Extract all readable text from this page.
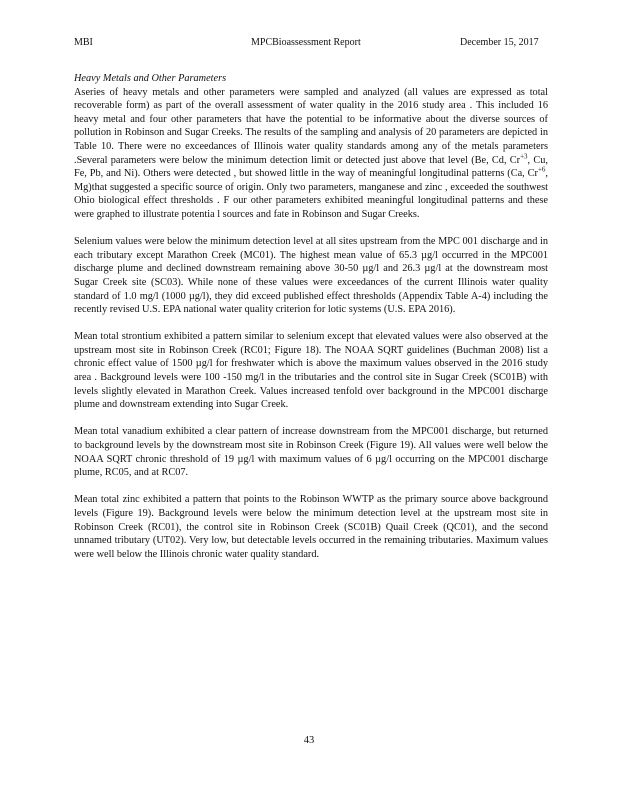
MBI	MPCBioassessment Report	December 15, 2017

Heavy Metals and Other Parameters

Aseries of heavy metals and other parameters were sampled and analyzed (all values are expressed as total recoverable form) as part of the overall assessment of water quality in the 2016 study area . This included 16 heavy metal and four other parameters that have the potential to be informative about the diverse sources of pollution in Robinson and Sugar Creeks. The results of the sampling and analysis of 20 parameters are depicted in Table 10. There were no exceedances of Illinois water quality standards among any of the metals parameters .Several parameters were below the minimum detection limit or detected just above that level (Be, Cd, $Cr^{+3}$, Cu, Fe, Pb, and Ni). Others were detected , but showed little in the way of meaningful longitudinal patterns (Ca, $Cr^{+6}$, Mg)that suggested a specific source of origin. Only two parameters, manganese and zinc , exceeded the southwest Ohio biological effect thresholds . F our other parameters exhibited meaningful longitudinal patterns and these were graphed to illustrate potentia l sources and fate in Robinson and Sugar Creeks.

Selenium values were below the minimum detection level at all sites upstream from the MPC 001 discharge and in each tributary except Marathon Creek (MC01). The highest mean value of 65.3 µg/l occurred in the MPC001 discharge plume and declined downstream remaining above 30-50 µg/l and 26.3 µg/l at the downstream most Sugar Creek site (SC03). While none of these values were exceedances of the current Illinois water quality standard of 1.0 mg/l (1000 µg/l), they did exceed published effect thresholds (Appendix Table A-4) including the recently revised U.S. EPA national water quality criterion for lotic systems (U.S. EPA 2016).

Mean total strontium exhibited a pattern similar to selenium except that elevated values were also observed at the upstream most site in Robinson Creek (RC01; Figure 18). The NOAA SQRT guidelines (Buchman 2008) list a chronic effect value of 1500 µg/l for freshwater which is above the maximum values observed in the 2016 study area . Background levels were 100 -150 mg/l in the tributaries and the control site in Sugar Creek (SC01B) with levels slightly elevated in Marathon Creek. Values increased tenfold over background in the MPC001 discharge plume and downstream extending into Sugar Creek.

Mean total vanadium exhibited a clear pattern of increase downstream from the MPC001 discharge, but returned to background levels by the downstream most site in Robinson Creek (Figure 19). All values were well below the NOAA SQRT chronic threshold of 19 µg/l with maximum values of 6 µg/l occurring on the MPC001 discharge plume, RC05, and at RC07.

Mean total zinc exhibited a pattern that points to the Robinson WWTP as the primary source above background levels (Figure 19). Background levels were below the minimum detection level at the upstream most site in Robinson Creek (RC01), the control site in Robinson Creek (SC01B) Quail Creek (QC01), and the second unnamed tributary (UT02). Very low, but detectable levels occurred in the remaining tributaries. Maximum values were well below the Illinois chronic water quality standard.

43
